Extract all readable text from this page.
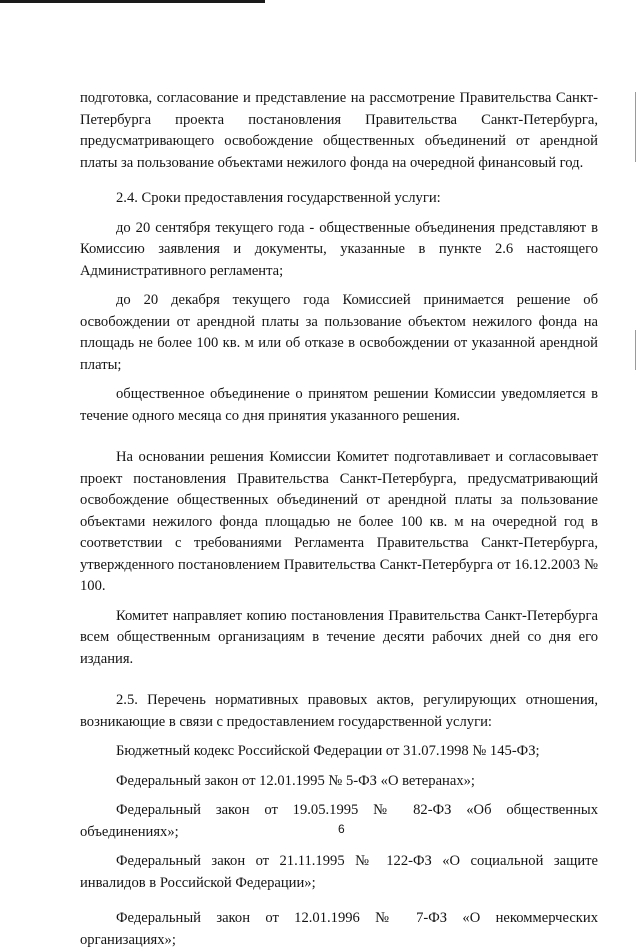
подготовка, согласование и представление на рассмотрение Правительства Санкт-Петербурга проекта постановления Правительства Санкт-Петербурга, предусматривающего освобождение общественных объединений от арендной платы за пользование объектами нежилого фонда на очередной финансовый год.

2.4. Сроки предоставления государственной услуги:

до 20 сентября текущего года - общественные объединения представляют в Комиссию заявления и документы, указанные в пункте 2.6 настоящего Административного регламента;

до 20 декабря текущего года Комиссией принимается решение об освобождении от арендной платы за пользование объектом нежилого фонда на площадь не более 100 кв. м или об отказе в освобождении от указанной арендной платы;

общественное объединение о принятом решении Комиссии уведомляется в течение одного месяца со дня принятия указанного решения.

На основании решения Комиссии Комитет подготавливает и согласовывает проект постановления Правительства Санкт-Петербурга, предусматривающий освобождение общественных объединений от арендной платы за пользование объектами нежилого фонда площадью не более 100 кв. м на очередной год в соответствии с требованиями Регламента Правительства Санкт-Петербурга, утвержденного постановлением Правительства Санкт-Петербурга от 16.12.2003 № 100.

Комитет направляет копию постановления Правительства Санкт-Петербурга всем общественным организациям в течение десяти рабочих дней со дня его издания.

2.5. Перечень нормативных правовых актов, регулирующих отношения, возникающие в связи с предоставлением государственной услуги:

Бюджетный кодекс Российской Федерации от 31.07.1998 № 145-ФЗ;

Федеральный закон от 12.01.1995 № 5-ФЗ «О ветеранах»;

Федеральный закон от 19.05.1995 № 82-ФЗ «Об общественных объединениях»;

Федеральный закон от 21.11.1995 № 122-ФЗ «О социальной защите инвалидов в Российской Федерации»;

Федеральный закон от 12.01.1996 № 7-ФЗ «О некоммерческих организациях»;

6
